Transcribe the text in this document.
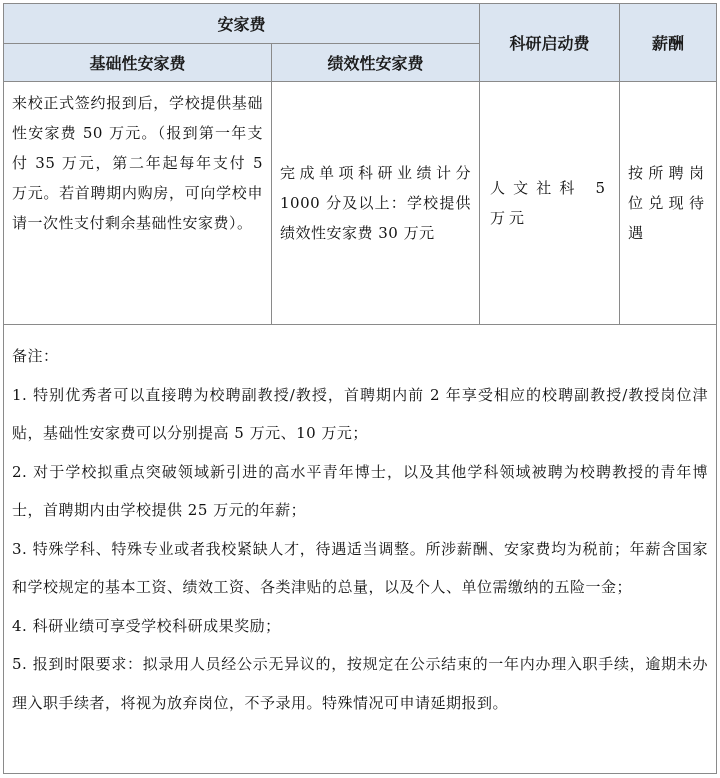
安家费
科研启动费	薪酬
基础性安家费	绩效性安家费
来校正式签约报到后，学校提供基础性安家费 50 万元。（报到第一年支付 35 万元，第二年起每年支付 5 万元。若首聘期内购房，可向学校申请一次性支付剩余基础性安家费）。
完成单项科研业绩计分 1000 分及以上：学校提供绩效性安家费 30 万元
人文社科 5 万元
按所聘岗位兑现待遇

备注：

1. 特别优秀者可以直接聘为校聘副教授/教授，首聘期内前 2 年享受相应的校聘副教授/教授岗位津贴，基础性安家费可以分别提高 5 万元、10 万元；

2. 对于学校拟重点突破领域新引进的高水平青年博士，以及其他学科领域被聘为校聘教授的青年博士，首聘期内由学校提供 25 万元的年薪；

3. 特殊学科、特殊专业或者我校紧缺人才，待遇适当调整。所涉薪酬、安家费均为税前；年薪含国家和学校规定的基本工资、绩效工资、各类津贴的总量，以及个人、单位需缴纳的五险一金；

4. 科研业绩可享受学校科研成果奖励；

5. 报到时限要求：拟录用人员经公示无异议的，按规定在公示结束的一年内办理入职手续，逾期未办理入职手续者，将视为放弃岗位，不予录用。特殊情况可申请延期报到。
